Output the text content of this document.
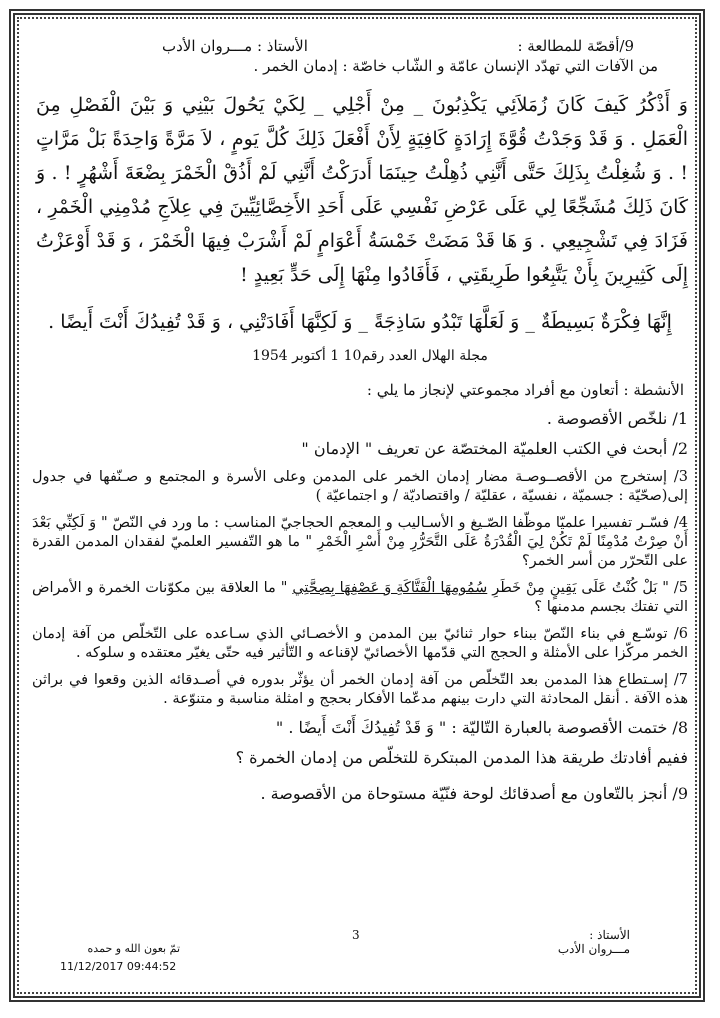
9/أقصّة للمطالعة :
الأستاذ : مـــروان الأدب
من الآفات التي تهدّد الإنسان عامّة و الشّاب خاصّة : إدمان الخمر .

وَ أَذْكُرُ كَيفَ كَانَ زُمَلاَئِي يَكْذِبُونَ _ مِنْ أَجْلِي _ لِكَيْ يَحُولَ بَيْنِي وَ بَيْنَ الْفَصْلِ مِنَ الْعَمَلِ . وَ قَدْ وَجَدْتُ قُوَّةَ إِرَادَةٍ كَافِيَةٍ لِأَنْ أَفْعَلَ ذَلِكَ كُلَّ يَومٍ ، لاَ مَرَّةً وَاحِدَةً بَلْ مَرَّاتٍ ! . وَ شُغِلْتُ بِذَلِكَ حَتَّى أَنَّنِي ذُهِلْتُ حِينَمَا أَدرَكْتُ أَنَّنِي لَمْ أَذُقْ الْخَمْرَ بِضْعَةَ أَشْهُرٍ ! . وَ كَانَ ذَلِكَ مُشَجِّعًا لِي عَلَى عَرْضِ نَفْسِي عَلَى أَحَدِ الأَخِصَّائِيِّينَ فِي عِلاَجِ مُدْمِنِي الْخَمْرِ ، فَزَادَ فِي تَشْجِيعِي . وَ هَا قَدْ مَضَتْ خَمْسَةُ أَعْوَامٍ لَمْ أَشْرَبْ فِيهَا الْخَمْرَ ، وَ قَدْ أَوْعَزْتُ إِلَى كَثِيرِينَ بِأَنْ يَتَّبِعُوا طَرِيقَتِي ، فَأَفَادُوا مِنْهَا إِلَى حَدٍّ بَعِيدٍ !

إِنَّهَا فِكْرَةٌ بَسِيطَةٌ _ وَ لَعَلَّهَا تَبْدُو سَاذِجَةً _ وَ لَكِنَّهَا أَفَادَتْنِي ، وَ قَدْ تُفِيدُكَ أَنْتَ أَيضًا .
مجلة الهلال العدد رقم10 1 أكتوبر 1954
الأنشطة : أتعاون مع أفراد مجموعتي لإنجاز ما يلي :
1/ نلخّص الأقصوصة .
2/ أبحث في الكتب العلميّة المختصّة عن تعريف " الإدمان "
3/ إستخرج من الأقصــوصـة مضار إدمان الخمر على المدمن وعلى الأسرة و المجتمع و صـنّفها في جدول إلى(صحّيّة : جسميّة ، نفسيّة ، عقليّة / واقتصاديّة / و اجتماعيّة )
4/ فسّـر تفسيرا علميّا موظّفا الصّـيغ و الأسـاليب و المعجم الحجاجيّ المناسب : ما ورد في النّصّ " وَ لَكِنِّي بَعْدَ أَنْ صِرْتُ مُدْمِنًا لَمْ تَكُنْ لِيَ الْقُدْرَةُ عَلَى التَّحَرُّرِ مِنْ أَسْرِ الْخَمْرِ " ما هو التّفسير العلميّ لفقدان المدمن القدرة على التّحرّر من أسر الخمر؟
5/ " بَلْ كُنْتُ عَلَى يَقِينٍ مِنْ خَطَرِ سُمُومِهَا الْفَتَّاكَةِ وَ عَصْفِهَا بِصِحَّتِي " ما العلاقة بين مكوّنات الخمرة و الأمراض التي تفتك بجسم مدمنها ؟
6/ توسّـع في بناء النّصّ ببناء حوار ثنائيّ بين المدمن و الأخصـائي الذي سـاعده على التّخلّص من آفة إدمان الخمر مركّزا على الأمثلة و الحجج التي قدّمها الأخصائيّ لإقناعه و التّأثير فيه حتّى يغيّر معتقده و سلوكه .
7/ إسـتطاع هذا المدمن بعد التّخلّص من آفة إدمان الخمر أن يؤثّر بدوره في أصـدقائه الذين وقعوا في براثن هذه الآفة . أنقل المحادثة التي دارت بينهم مدعّما الأفكار بحجج و امثلة مناسبة و متنوّعة .
8/ ختمت الأقصوصة بالعبارة التّاليّة : " وَ قَدْ تُفِيدُكَ أَنْتَ أَيضًا . "
ففيم أفادتك طريقة هذا المدمن المبتكرة للتخلّص من إدمان الخمرة ؟
9/ أنجز بالتّعاون مع أصدقائك لوحة فنّيّة مستوحاة من الأقصوصة .
الأستاذ :
مـــروان الأدب
3
تمّ بعون الله و حمده
11/12/2017 09:44:52
